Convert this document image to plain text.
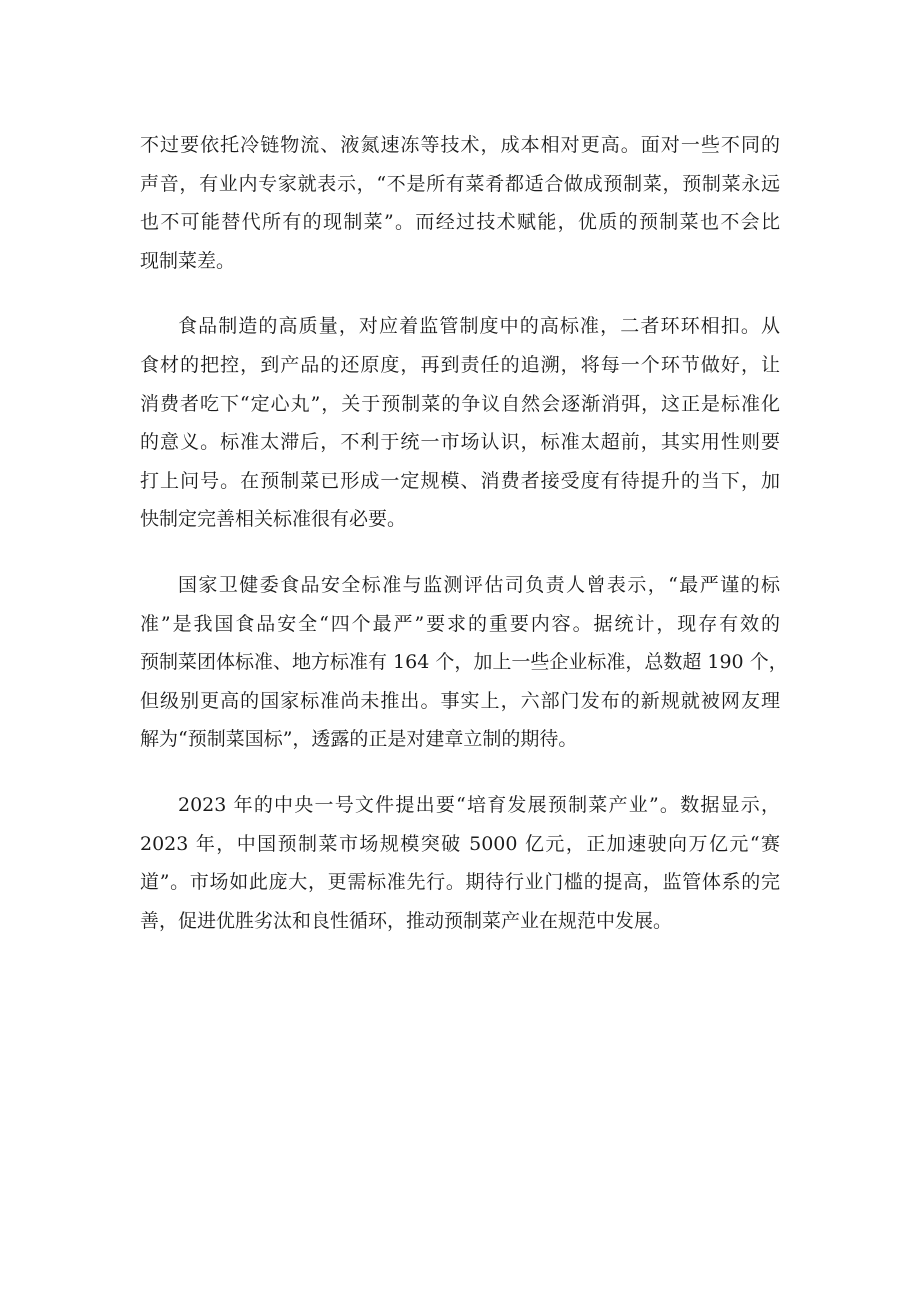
不过要依托冷链物流、液氮速冻等技术，成本相对更高。面对一些不同的
声音，有业内专家就表示，“不是所有菜肴都适合做成预制菜，预制菜永远
也不可能替代所有的现制菜”。而经过技术赋能，优质的预制菜也不会比
现制菜差。

食品制造的高质量，对应着监管制度中的高标准，二者环环相扣。从
食材的把控，到产品的还原度，再到责任的追溯，将每一个环节做好，让
消费者吃下“定心丸”，关于预制菜的争议自然会逐渐消弭，这正是标准化
的意义。标准太滞后，不利于统一市场认识，标准太超前，其实用性则要
打上问号。在预制菜已形成一定规模、消费者接受度有待提升的当下，加
快制定完善相关标准很有必要。

国家卫健委食品安全标准与监测评估司负责人曾表示，“最严谨的标
准”是我国食品安全“四个最严”要求的重要内容。据统计，现存有效的
预制菜团体标准、地方标准有 164 个，加上一些企业标准，总数超 190 个，
但级别更高的国家标准尚未推出。事实上，六部门发布的新规就被网友理
解为“预制菜国标”，透露的正是对建章立制的期待。

2023 年的中央一号文件提出要“培育发展预制菜产业”。数据显示，
2023 年，中国预制菜市场规模突破 5000 亿元，正加速驶向万亿元“赛
道”。市场如此庞大，更需标准先行。期待行业门槛的提高，监管体系的完
善，促进优胜劣汰和良性循环，推动预制菜产业在规范中发展。
